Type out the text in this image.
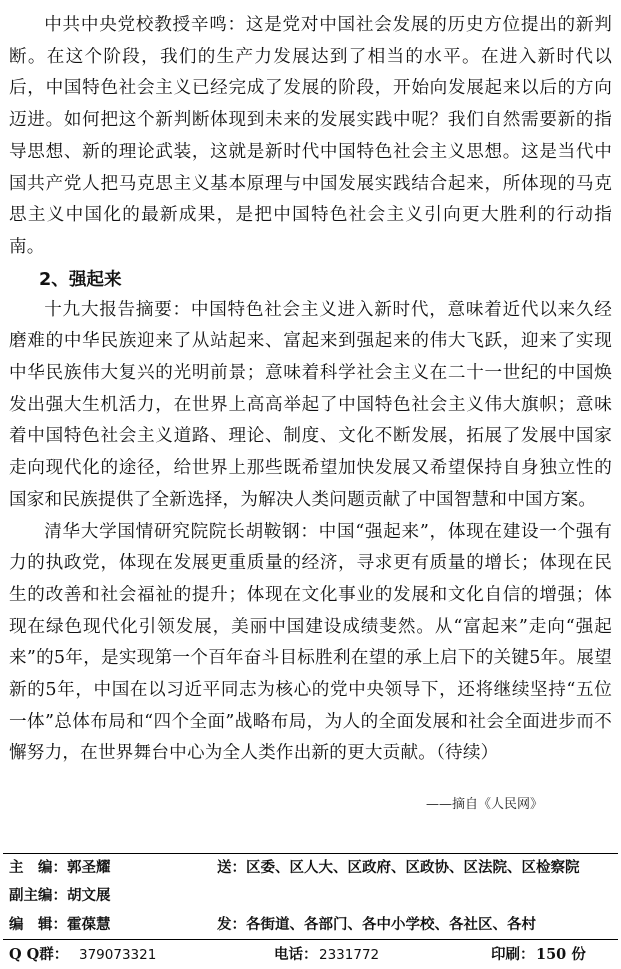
中共中央党校教授辛鸣：这是党对中国社会发展的历史方位提出的新判断。在这个阶段，我们的生产力发展达到了相当的水平。在进入新时代以后，中国特色社会主义已经完成了发展的阶段，开始向发展起来以后的方向迈进。如何把这个新判断体现到未来的发展实践中呢？我们自然需要新的指导思想、新的理论武装，这就是新时代中国特色社会主义思想。这是当代中国共产党人把马克思主义基本原理与中国发展实践结合起来，所体现的马克思主义中国化的最新成果，是把中国特色社会主义引向更大胜利的行动指南。

2、强起来

十九大报告摘要：中国特色社会主义进入新时代，意味着近代以来久经磨难的中华民族迎来了从站起来、富起来到强起来的伟大飞跃，迎来了实现中华民族伟大复兴的光明前景；意味着科学社会主义在二十一世纪的中国焕发出强大生机活力，在世界上高高举起了中国特色社会主义伟大旗帜；意味着中国特色社会主义道路、理论、制度、文化不断发展，拓展了发展中国家走向现代化的途径，给世界上那些既希望加快发展又希望保持自身独立性的国家和民族提供了全新选择，为解决人类问题贡献了中国智慧和中国方案。

清华大学国情研究院院长胡鞍钢：中国“强起来”，体现在建设一个强有力的执政党，体现在发展更重质量的经济，寻求更有质量的增长；体现在民生的改善和社会福祉的提升；体现在文化事业的发展和文化自信的增强；体现在绿色现代化引领发展，美丽中国建设成绩斐然。从“富起来”走向“强起来”的5年，是实现第一个百年奋斗目标胜利在望的承上启下的关键5年。展望新的5年，中国在以习近平同志为核心的党中央领导下，还将继续坚持“五位一体”总体布局和“四个全面”战略布局，为人的全面发展和社会全面进步而不懈努力，在世界舞台中心为全人类作出新的更大贡献。（待续）

——摘自《人民网》
主　编：郭圣耀	送：区委、区人大、区政府、区政协、区法院、区检察院
副主编：胡文展
编　辑：霍葆慧	发：各街道、各部门、各中小学校、各社区、各村
Q Q群： 379073321	电话： 2331772	印刷： 150 份
